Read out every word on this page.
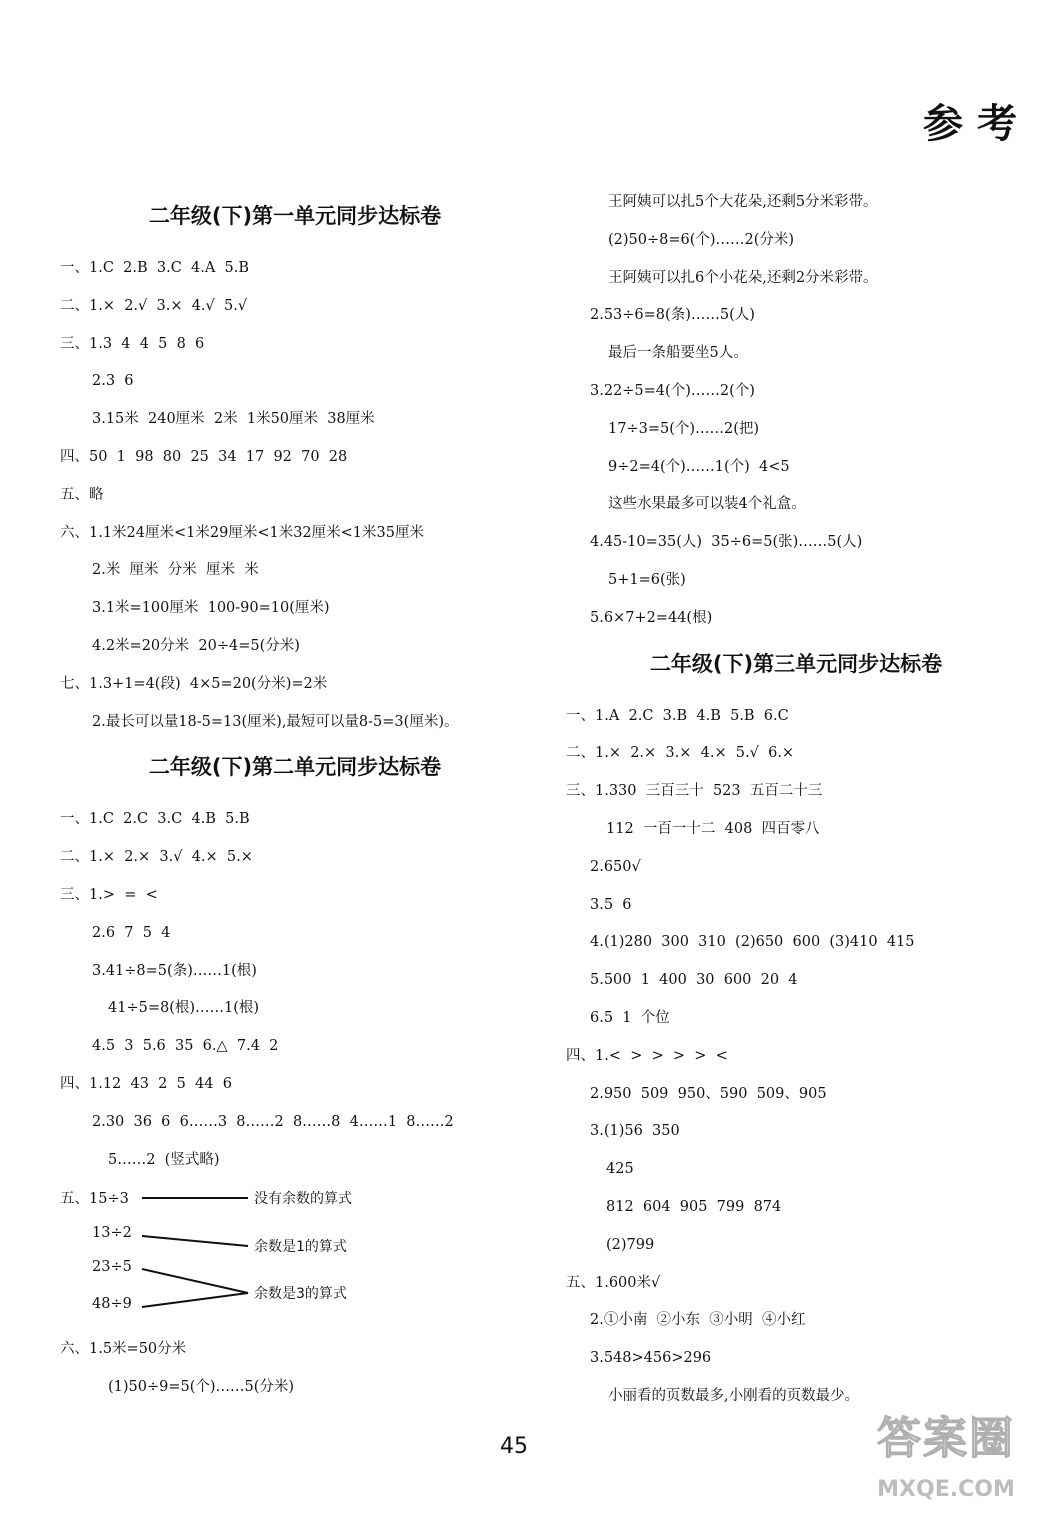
参考
二年级(下)第一单元同步达标卷
一、1.C  2.B  3.C  4.A  5.B
二、1.×  2.√  3.×  4.√  5.√
三、1.3  4  4  5  8  6
2.3  6
3.15米  240厘米  2米  1米50厘米  38厘米
四、50  1  98  80  25  34  17  92  70  28
五、略
六、1.1米24厘米<1米29厘米<1米32厘米<1米35厘米
2.米  厘米  分米  厘米  米
3.1米=100厘米  100-90=10(厘米)
4.2米=20分米  20÷4=5(分米)
七、1.3+1=4(段)  4×5=20(分米)=2米
2.最长可以量18-5=13(厘米),最短可以量8-5=3(厘米)。
二年级(下)第二单元同步达标卷
一、1.C  2.C  3.C  4.B  5.B
二、1.×  2.×  3.√  4.×  5.×
三、1.>  =  <
2.6  7  5  4
3.41÷8=5(条)……1(根)
41÷5=8(根)……1(根)
4.5  3  5.6  35  6.△  7.4  2
四、1.12  43  2  5  44  6
2.30  36  6  6……3  8……2  8……8  4……1  8……2
5……2  (竖式略)
五、15÷3
13÷2
23÷5
48÷9
没有余数的算式
余数是1的算式
余数是3的算式
六、1.5米=50分米
(1)50÷9=5(个)……5(分米)
王阿姨可以扎5个大花朵,还剩5分米彩带。
(2)50÷8=6(个)……2(分米)
王阿姨可以扎6个小花朵,还剩2分米彩带。
2.53÷6=8(条)……5(人)
最后一条船要坐5人。
3.22÷5=4(个)……2(个)
17÷3=5(个)……2(把)
9÷2=4(个)……1(个)  4<5
这些水果最多可以装4个礼盒。
4.45-10=35(人)  35÷6=5(张)……5(人)
5+1=6(张)
5.6×7+2=44(根)
二年级(下)第三单元同步达标卷
一、1.A  2.C  3.B  4.B  5.B  6.C
二、1.×  2.×  3.×  4.×  5.√  6.×
三、1.330  三百三十  523  五百二十三
112  一百一十二  408  四百零八
2.650√
3.5  6
4.(1)280  300  310  (2)650  600  (3)410  415
5.500  1  400  30  600  20  4
6.5  1  个位
四、1.<  >  >  >  >  <
2.950  509  950、590  509、905
3.(1)56  350
425
812  604  905  799  874
(2)799
五、1.600米√
2.①小南  ②小东  ③小明  ④小红
3.548>456>296
小丽看的页数最多,小刚看的页数最少。
45	答案圈
MXQE.COM
